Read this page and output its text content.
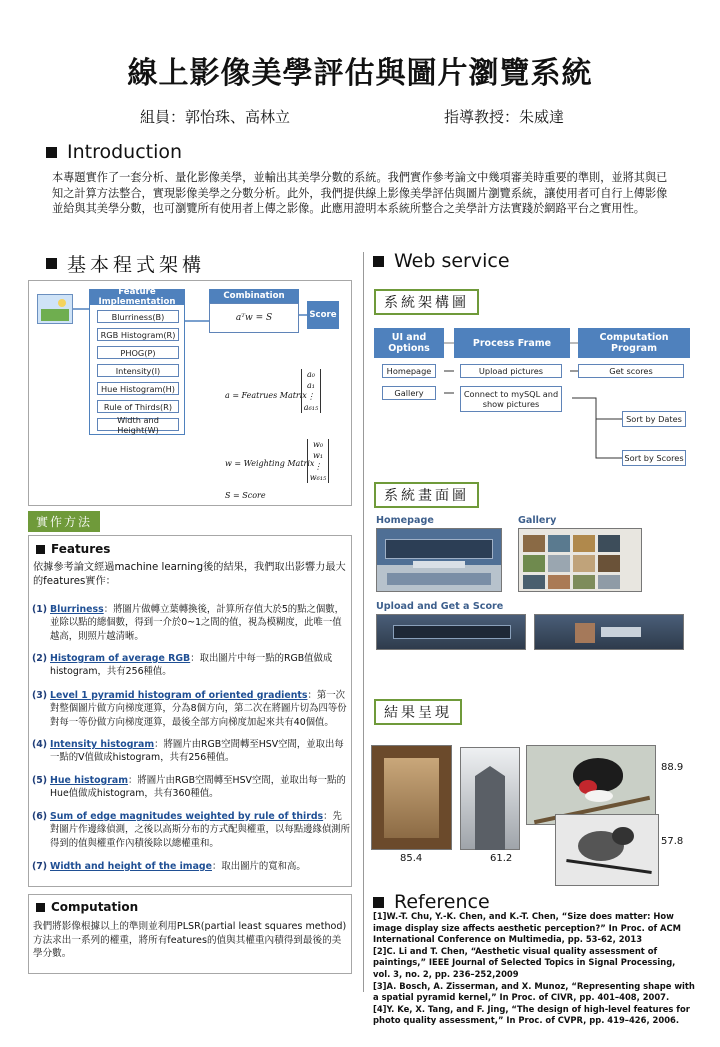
線上影像美學評估與圖片瀏覽系統
組員：郭怡珠、高林立	指導教授：朱威達
Introduction
本專題實作了一套分析、量化影像美學，並輸出其美學分數的系統。我們實作參考論文中幾項審美時重要的準則，並將其與已知之計算方法整合，實現影像美學之分數分析。此外，我們提供線上影像美學評估與圖片瀏覽系統，讓使用者可自行上傳影像並給與其美學分數，也可瀏覽所有使用者上傳之影像。此應用證明本系統所整合之美學計方法實踐於網路平台之實用性。
基本程式架構
Feature Implementation
Blurriness(B)
RGB Histogram(R)
PHOG(P)
Intensity(I)
Hue Histogram(H)
Rule of Thirds(R)
Width and Height(W)
Combination
aᵀw = S	Score
a = Featrues Matrix
a₀
a₁
⋮
a₆₁₅
w = Weighting Matrix
w₀
w₁
⋮
w₆₁₅
S = Score
實作方法
Features
依據參考論文經過machine learning後的結果，我們取出影響力最大的features實作：
(1) Blurriness：將圖片做轉立葉轉換後，計算所存值大於5的點之個數，並除以點的總個數，得到一介於0~1之間的值，視為模糊度，此唯一值越高，則照片越清晰。
(2) Histogram of average RGB：取出圖片中每一點的RGB值做成histogram，共有256種值。
(3) Level 1 pyramid histogram of oriented gradients：第一次對整個圖片做方向梯度運算，分為8個方向，第二次在將圖片切為四等份對每一等份做方向梯度運算，最後全部方向梯度加起來共有40個值。
(4) Intensity histogram：將圖片由RGB空間轉至HSV空間，並取出每一點的V值做成histogram，共有256種值。
(5) Hue histogram：將圖片由RGB空間轉至HSV空間，並取出每一點的Hue值做成histogram，共有360種值。
(6) Sum of edge magnitudes weighted by rule of thirds：先對圖片作邊緣偵測，之後以高斯分布的方式配與權重，以每點邊緣偵測所得到的值與權重作內積後除以總權重和。
(7) Width and height of the image：取出圖片的寬和高。
Computation
我們將影像根據以上的準則並利用PLSR(partial least squares method)方法求出一系列的權重，將所有features的值與其權重內積得到最後的美學分數。
Web service
系統架構圖
UI and Options	Process Frame	Computation Program
Homepage
Gallery
Upload pictures
Connect to mySQL and show pictures
Get scores
Sort by Dates
Sort by Scores
系統畫面圖
Homepage	Gallery
Upload and Get a Score
結果呈現
88.9
57.8
85.4	61.2
Reference

[1]W.-T. Chu, Y.-K. Chen, and K.-T. Chen, “Size does matter: How image display size affects aesthetic perception?” In Proc. of ACM International Conference on Multimedia, pp. 53-62, 2013

[2]C. Li and T. Chen, “Aesthetic visual quality assessment of paintings,” IEEE Journal of Selected Topics in Signal Processing, vol. 3, no. 2, pp. 236–252,2009

[3]A. Bosch, A. Zisserman, and X. Munoz, “Representing shape with a spatial pyramid kernel,” In Proc. of CIVR, pp. 401–408, 2007.

[4]Y. Ke, X. Tang, and F. Jing, “The design of high-level features for photo quality assessment,” In Proc. of CVPR, pp. 419–426, 2006.
